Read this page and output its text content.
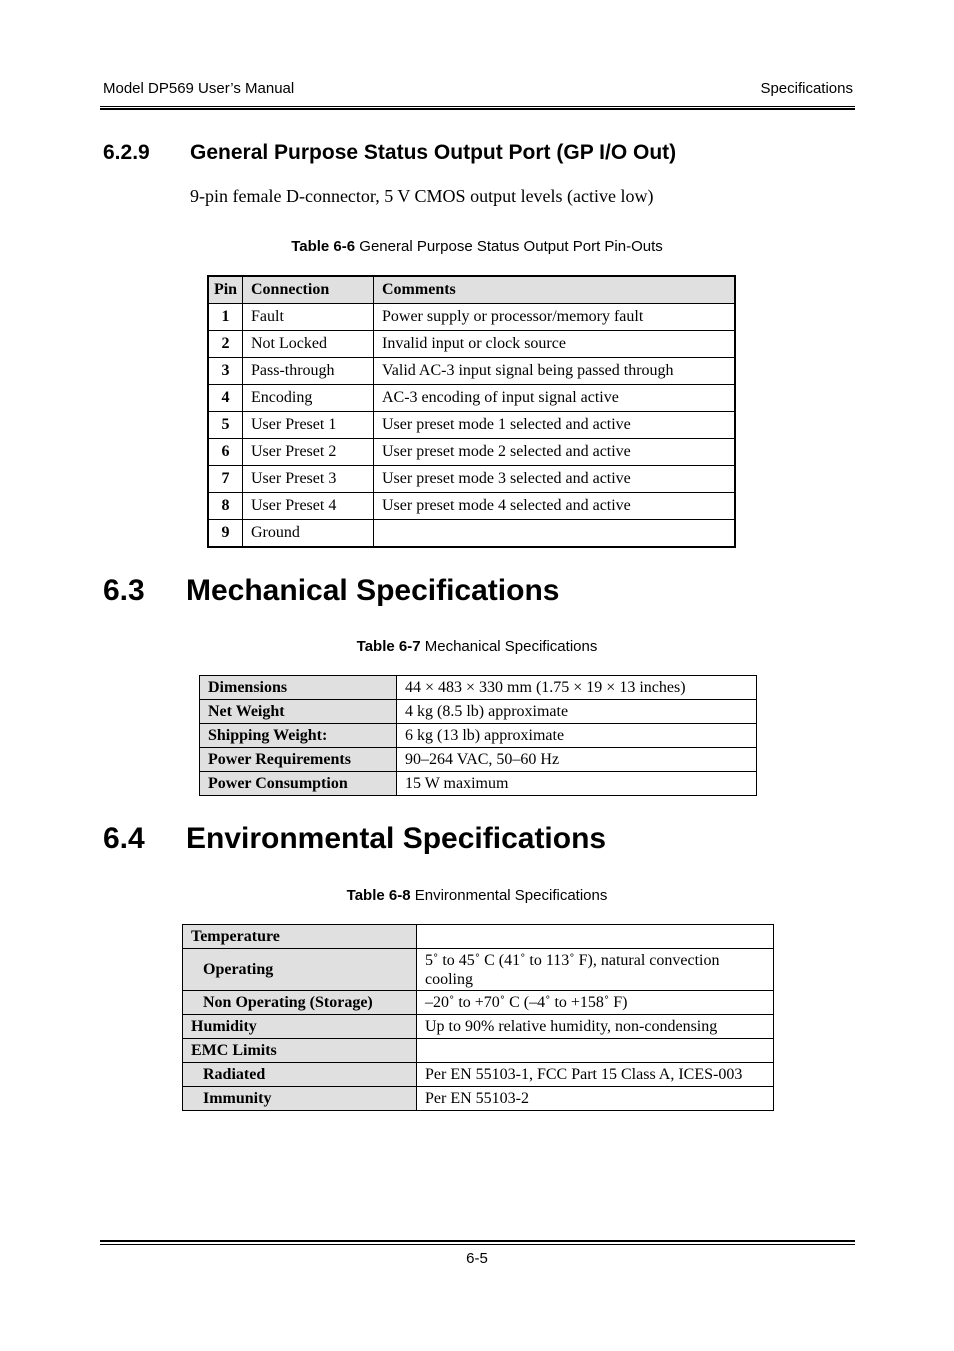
Model DP569 User’s Manual	Specifications
6.2.9 General Purpose Status Output Port (GP I/O Out)
9-pin female D-connector, 5 V CMOS output levels (active low)
Table 6-6 General Purpose Status Output Port Pin-Outs
Pin	Connection	Comments
1	Fault	Power supply or processor/memory fault
2	Not Locked	Invalid input or clock source
3	Pass-through	Valid AC-3 input signal being passed through
4	Encoding	AC-3 encoding of input signal active
5	User Preset 1	User preset mode 1 selected and active
6	User Preset 2	User preset mode 2 selected and active
7	User Preset 3	User preset mode 3 selected and active
8	User Preset 4	User preset mode 4 selected and active
9	Ground	
6.3 Mechanical Specifications
Table 6-7 Mechanical Specifications
Dimensions	44 × 483 × 330 mm (1.75 × 19 × 13 inches)
Net Weight	4 kg (8.5 lb) approximate
Shipping Weight:	6 kg (13 lb) approximate
Power Requirements	90–264 VAC, 50–60 Hz
Power Consumption	15 W maximum
6.4 Environmental Specifications
Table 6-8 Environmental Specifications
Temperature	
Operating	5˚ to 45˚ C (41˚ to 113˚ F), natural convection cooling
Non Operating (Storage)	–20˚ to +70˚ C (–4˚ to +158˚ F)
Humidity	Up to 90% relative humidity, non-condensing
EMC Limits	
Radiated	Per EN 55103-1, FCC Part 15 Class A, ICES-003
Immunity	Per EN 55103-2
6-5
